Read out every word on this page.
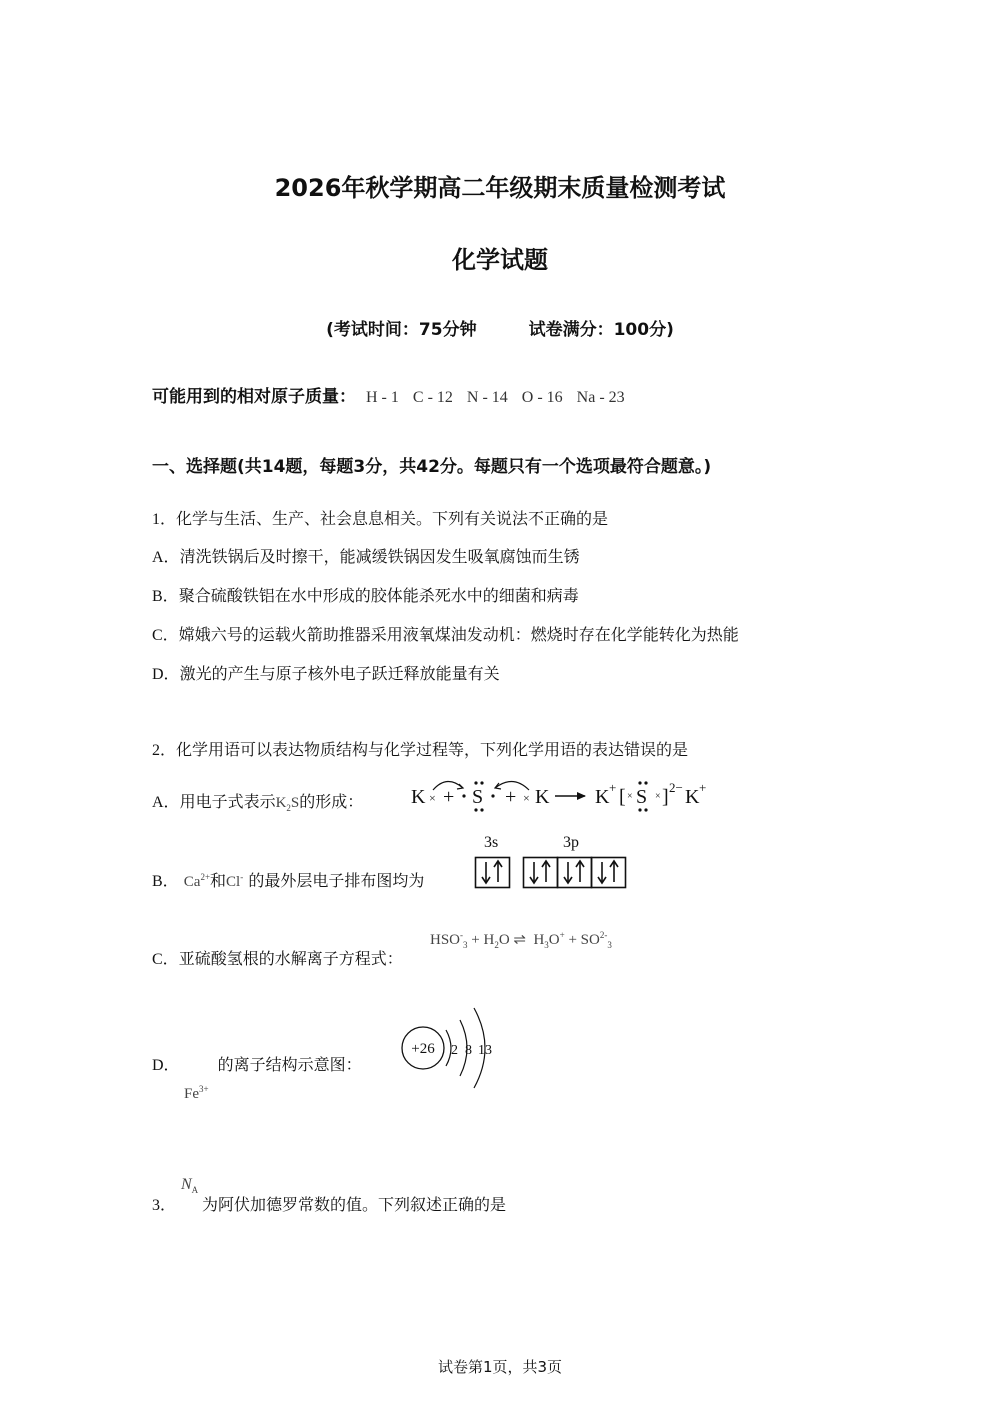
2026年秋学期高二年级期末质量检测考试
化学试题
(考试时间：75分钟	试卷满分：100分)
可能用到的相对原子质量： H - 1 C - 12 N - 14 O - 16 Na - 23
一、选择题(共14题，每题3分，共42分。每题只有一个选项最符合题意。)
1．化学与生活、生产、社会息息相关。下列有关说法不正确的是
A．清洗铁锅后及时擦干，能减缓铁锅因发生吸氧腐蚀而生锈
B．聚合硫酸铁铝在水中形成的胶体能杀死水中的细菌和病毒
C．嫦娥六号的运载火箭助推器采用液氧煤油发动机：燃烧时存在化学能转化为热能
D．激光的产生与原子核外电子跃迁释放能量有关
2．化学用语可以表达物质结构与化学过程等，下列化学用语的表达错误的是
A．用电子式表示$K_2S$的形成： K × + S + × K K + [ × S × ] 2− K +
B． $Ca^{2+}$和Cl- 的最外层电子排布图均为
3s	3p
C．亚硫酸氢根的水解离子方程式：
$HSO^-_3 + H_2O$ ⇌  $H_3O^+ + SO^{2-}_3$
D． 的离子结构示意图：
$Fe^{3+}$
+26 2 8 13
3． 为阿伏加德罗常数的值。下列叙述正确的是
$N_A$
试卷第1页，共3页
